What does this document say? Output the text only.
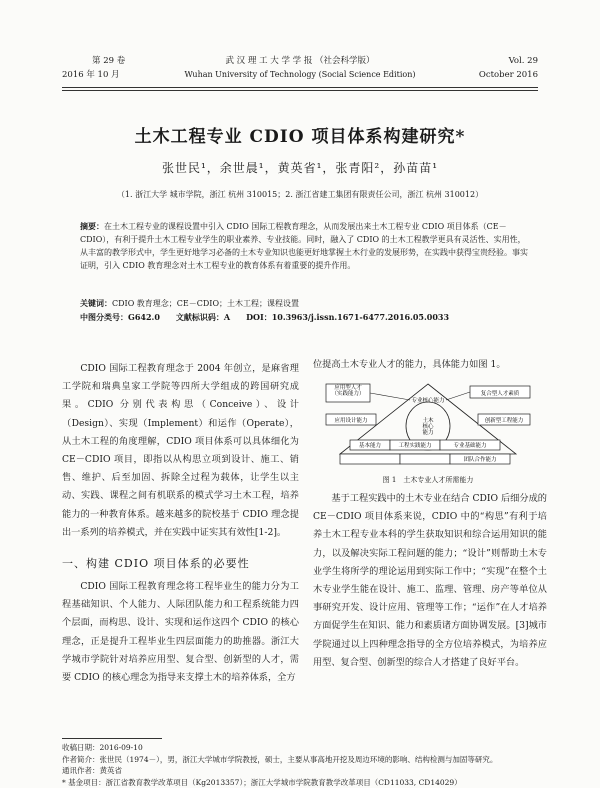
第 29 卷
2016 年 10 月
武 汉 理 工 大 学 学 报 （社会科学版）
Wuhan University of Technology (Social Science Edition)
Vol. 29
October 2016
土木工程专业 CDIO 项目体系构建研究*
张世民¹，余世晨¹，黄英省¹，张青阳²，孙苗苗¹
（1. 浙江大学 城市学院，浙江 杭州 310015；2. 浙江省建工集团有限责任公司，浙江 杭州 310012）
摘要：在土木工程专业的课程设置中引入 CDIO 国际工程教育理念，从而发展出来土木工程专业 CDIO 项目体系（CE－CDIO），有利于提升土木工程专业学生的职业素养、专业技能。同时，融入了 CDIO 的土木工程教学更具有灵活性、实用性，从丰富的教学形式中，学生更好地学习必备的土木专业知识也能更好地掌握土木行业的发展形势，在实践中获得宝贵经验。事实证明，引入 CDIO 教育理念对土木工程专业的教育体系有着重要的提升作用。
关键词：CDIO 教育理念；CE－CDIO；土木工程；课程设置
中图分类号：G642.0　　文献标识码：A　　DOI：10.3963/j.issn.1671-6477.2016.05.0033

CDIO 国际工程教育理念于 2004 年创立，是麻省理工学院和瑞典皇家工学院等四所大学组成的跨国研究成果。CDIO 分别代表构思（Conceive）、设计（Design）、实现（Implement）和运作（Operate），从土木工程的角度理解，CDIO 项目体系可以具体细化为 CE－CDIO 项目，即指以从构思立项到设计、施工、销售、维护、后至加固、拆除全过程为载体，让学生以主动、实践、课程之间有机联系的模式学习土木工程，培养能力的一种教育体系。越来越多的院校基于 CDIO 理念提出一系列的培养模式，并在实践中证实其有效性[1-2]。

一、构建 CDIO 项目体系的必要性

CDIO 国际工程教育理念将工程毕业生的能力分为工程基础知识、个人能力、人际团队能力和工程系统能力四个层面，而构思、设计、实现和运作这四个 CDIO 的核心理念，正是提升工程毕业生四层面能力的助推器。浙江大学城市学院针对培养应用型、复合型、创新型的人才，需要 CDIO 的核心理念为指导来支撑土木的培养体系，全方

位提高土木专业人才的能力，具体能力如图 1。
应用型人才（实践能力）	复合型人才素质
应用设计能力	创新型工程能力
专业核心能力
土木核心能力
基本能力	工程实践能力	专业基础能力
团队合作能力
图 1　土木专业人才所需能力

基于工程实践中的土木专业在结合 CDIO 后细分成的 CE－CDIO 项目体系来说，CDIO 中的“构思”有利于培养土木工程专业本科的学生获取知识和综合运用知识的能力，以及解决实际工程问题的能力；“设计”则帮助土木专业学生将所学的理论运用到实际工作中；“实现”在整个土木专业学生能在设计、施工、监理、管理、房产等单位从事研究开发、设计应用、管理等工作；“运作”在人才培养方面促学生在知识、能力和素质诸方面协调发展。[3]城市学院通过以上四种理念指导的全方位培养模式，为培养应用型、复合型、创新型的综合人才搭建了良好平台。

收稿日期：2016-09-10
作者简介：张世民（1974－），男，浙江大学城市学院教授，硕士，主要从事高地开挖及周边环境的影响、结构检测与加固等研究。
通讯作者：黄英省
* 基金项目：浙江省教育教学改革项目（Kg2013357）；浙江大学城市学院教育教学改革项目（CD11033, CD14029）
